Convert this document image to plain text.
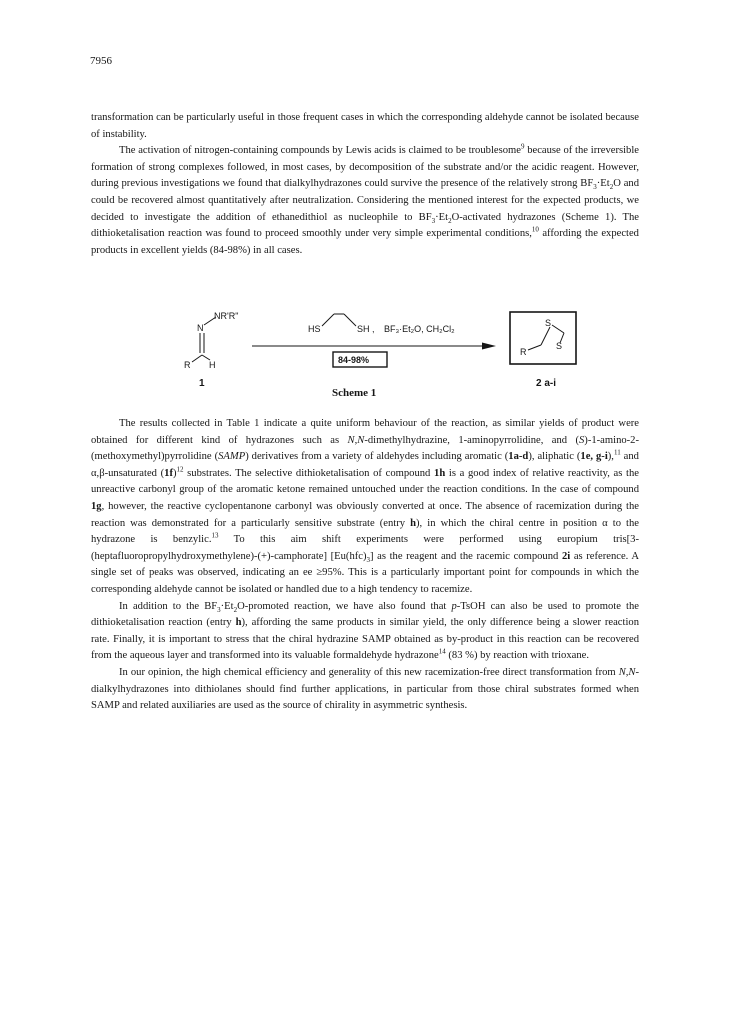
7956

transformation can be particularly useful in those frequent cases in which the corresponding aldehyde cannot be isolated because of instability.

The activation of nitrogen-containing compounds by Lewis acids is claimed to be troublesome$^9$ because of the irreversible formation of strong complexes followed, in most cases, by decomposition of the substrate and/or the acidic reagent. However, during previous investigations we found that dialkylhydrazones could survive the presence of the relatively strong $BF_3\cdot Et_2O$ and could be recovered almost quantitatively after neutralization. Considering the mentioned interest for the expected products, we decided to investigate the addition of ethanedithiol as nucleophile to $BF_3\cdot Et_2O$-activated hydrazones (Scheme 1). The dithioketalisation reaction was found to proceed smoothly under very simple experimental conditions,$^{10}$ affording the expected products in excellent yields (84-98%) in all cases.

NR'R"
N
R H
HS	SH , BF₃·Et₂O, CH₂Cl₂
84-98%
S
S
R
1	2 a-i
Scheme 1

The results collected in Table 1 indicate a quite uniform behaviour of the reaction, as similar yields of product were obtained for different kind of hydrazones such as N,N-dimethylhydrazine, 1-aminopyrrolidine, and (S)-1-amino-2-(methoxymethyl)pyrrolidine (SAMP) derivatives from a variety of aldehydes including aromatic (1a-d), aliphatic (1e, g-i),$^{11}$ and α,β-unsaturated $(1f)^{12}$ substrates. The selective dithioketalisation of compound 1h is a good index of relative reactivity, as the unreactive carbonyl group of the aromatic ketone remained untouched under the reaction conditions. In the case of compound 1g, however, the reactive cyclopentanone carbonyl was obviously converted at once. The absence of racemization during the reaction was demonstrated for a particularly sensitive substrate (entry h), in which the chiral centre in position α to the hydrazone is benzylic.$^{13}$ To this aim shift experiments were performed using europium tris[3-(heptafluoropropylhydroxymethylene)-(+)-camphorate] $[Eu(hfc)_3]$ as the reagent and the racemic compound 2i as reference. A single set of peaks was observed, indicating an ee ≥95%. This is a particularly important point for compounds in which the corresponding aldehyde cannot be isolated or handled due to a high tendency to racemize.

In addition to the $BF_3\cdot Et_2O$-promoted reaction, we have also found that p-TsOH can also be used to promote the dithioketalisation reaction (entry h), affording the same products in similar yield, the only difference being a slower reaction rate. Finally, it is important to stress that the chiral hydrazine SAMP obtained as by-product in this reaction can be recovered from the aqueous layer and transformed into its valuable formaldehyde hydrazone$^{14}$ (83 %) by reaction with trioxane.

In our opinion, the high chemical efficiency and generality of this new racemization-free direct transformation from N,N-dialkylhydrazones into dithiolanes should find further applications, in particular from those chiral substrates formed when SAMP and related auxiliaries are used as the source of chirality in asymmetric synthesis.
